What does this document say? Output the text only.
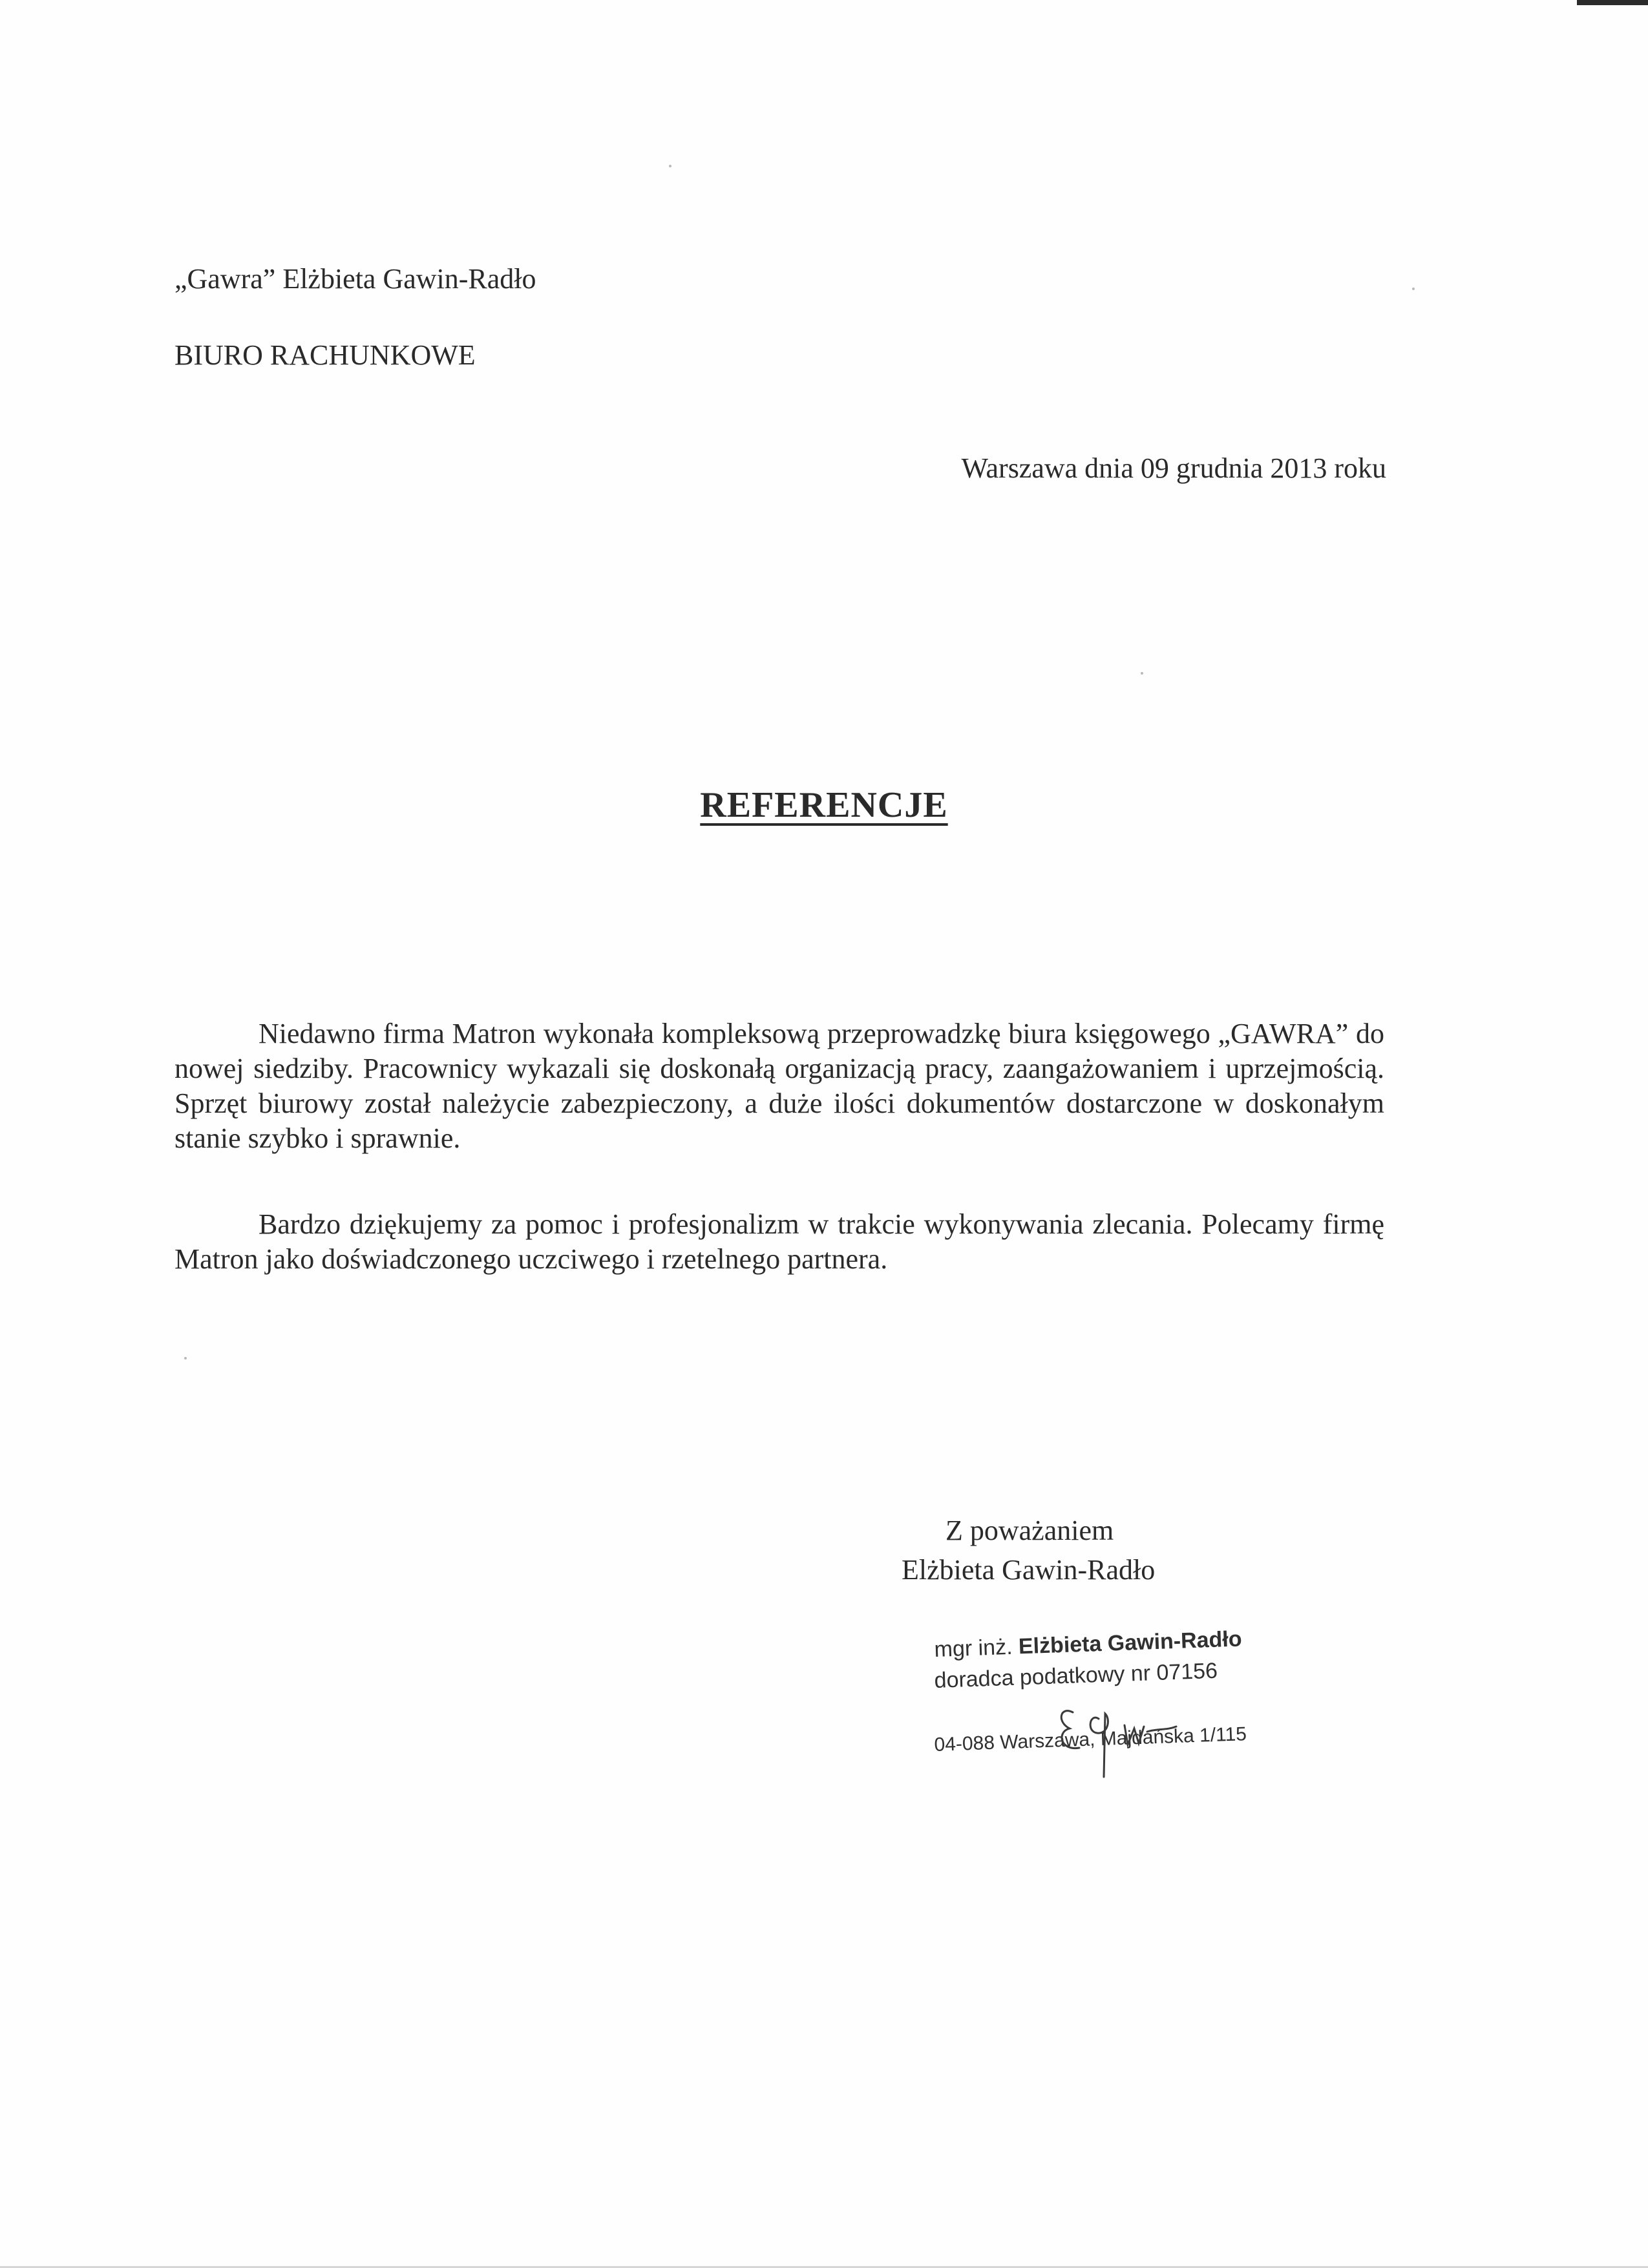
„Gawra” Elżbieta Gawin-Radło
BIURO RACHUNKOWE
Warszawa dnia 09 grudnia 2013 roku
REFERENCJE

Niedawno firma Matron wykonała kompleksową przeprowadzkę biura księgowego „GAWRA” do nowej siedziby. Pracownicy wykazali się doskonałą organizacją pracy, zaangażowaniem i uprzejmością. Sprzęt biurowy został należycie zabezpieczony, a duże ilości dokumentów dostarczone w doskonałym stanie szybko i sprawnie.

Bardzo dziękujemy za pomoc i profesjonalizm w trakcie wykonywania zlecania. Polecamy firmę Matron jako doświadczonego uczciwego i rzetelnego partnera.

Z poważaniem
Elżbieta Gawin-Radło
mgr inż. Elżbieta Gawin-Radło
doradca podatkowy nr 07156
04-088 Warszawa, Majdańska 1/115
